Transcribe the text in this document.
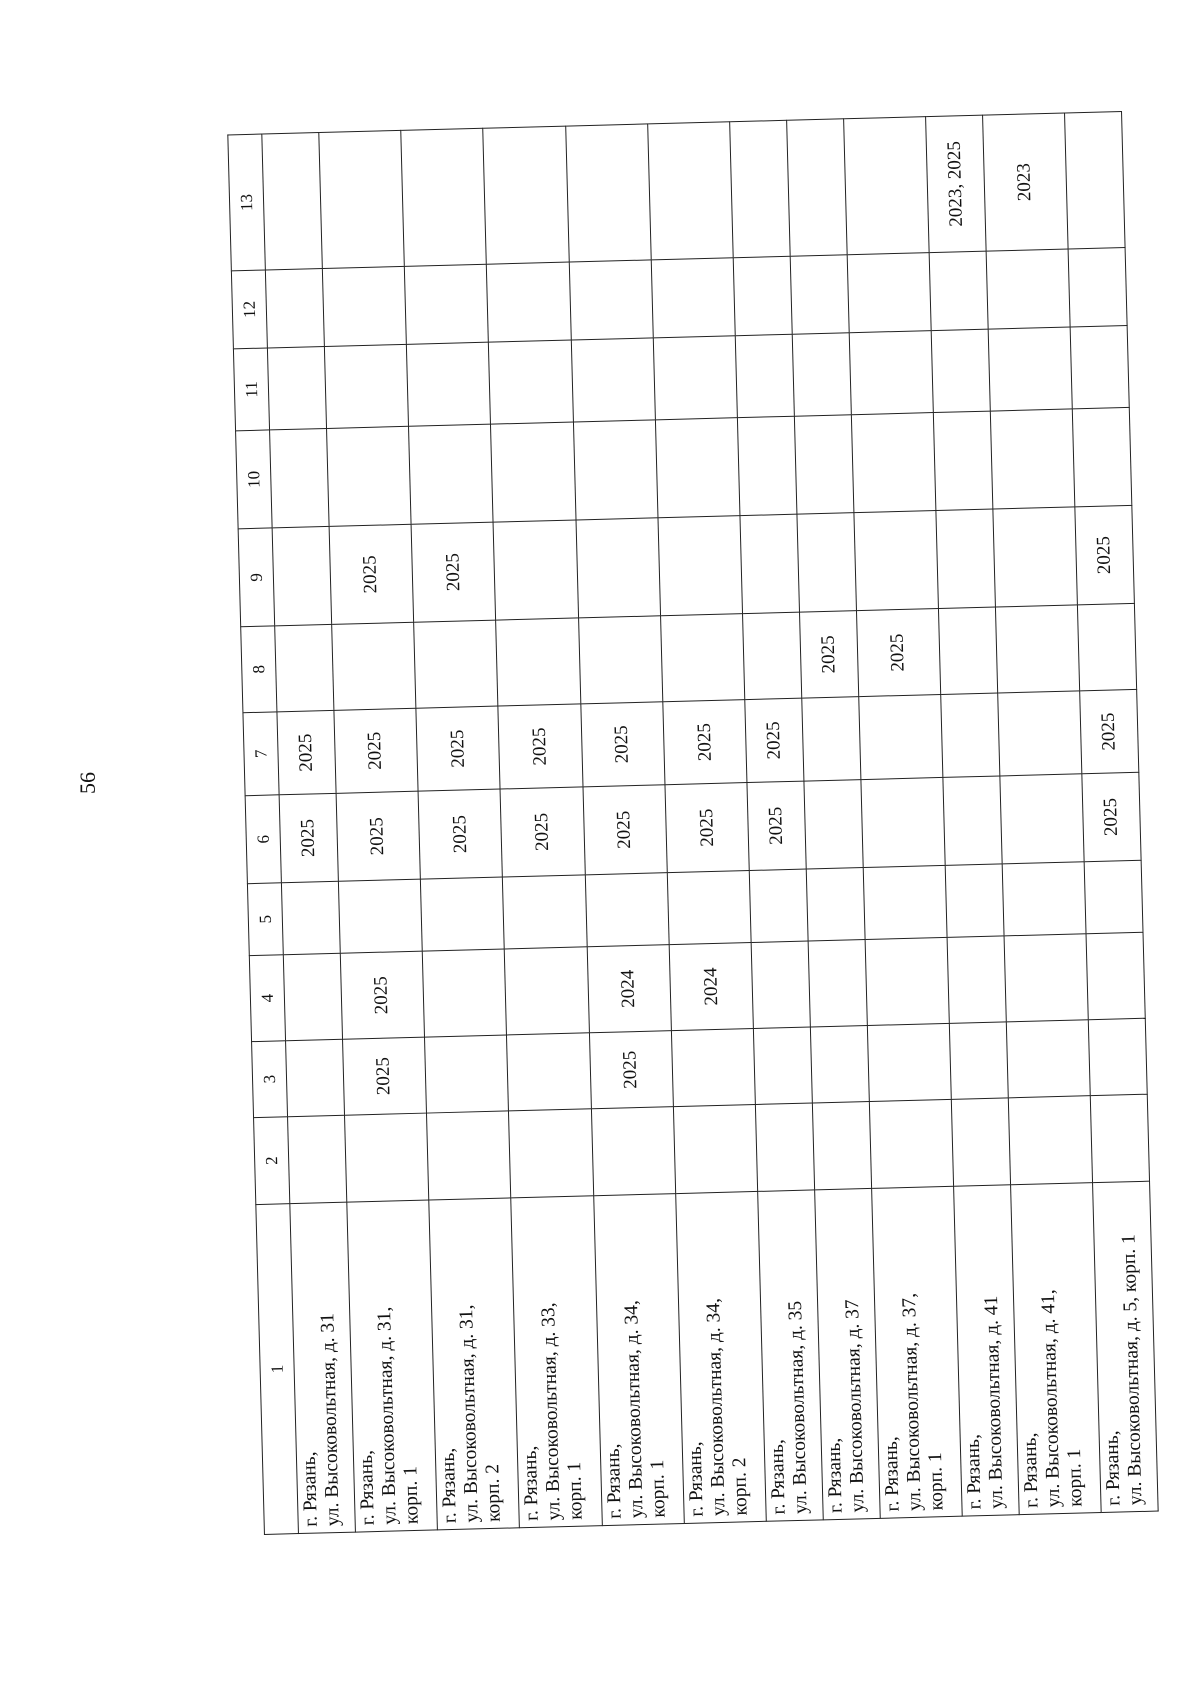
56
1	2	3	4	5	6	7	8	9	10	11	12	13

г. Рязань,
ул. Высоковольтная, д. 31					2025	2025						

г. Рязань,
ул. Высоковольтная, д. 31, корп. 1		2025	2025		2025	2025		2025				

г. Рязань,
ул. Высоковольтная, д. 31, корп. 2					2025	2025		2025				

г. Рязань,
ул. Высоковольтная, д. 33, корп. 1					2025	2025						

г. Рязань,
ул. Высоковольтная, д. 34, корп. 1		2025	2024		2025	2025						

г. Рязань,
ул. Высоковольтная, д. 34, корп. 2			2024		2025	2025						

г. Рязань,
ул. Высоковольтная, д. 35					2025	2025						

г. Рязань,
ул. Высоковольтная, д. 37							2025					

г. Рязань,
ул. Высоковольтная, д. 37, корп. 1							2025					

г. Рязань,
ул. Высоковольтная, д. 41												2023, 2025

г. Рязань,
ул. Высоковольтная, д. 41, корп. 1												2023

г. Рязань,
ул. Высоковольтная, д. 5, корп. 1					2025	2025		2025				
